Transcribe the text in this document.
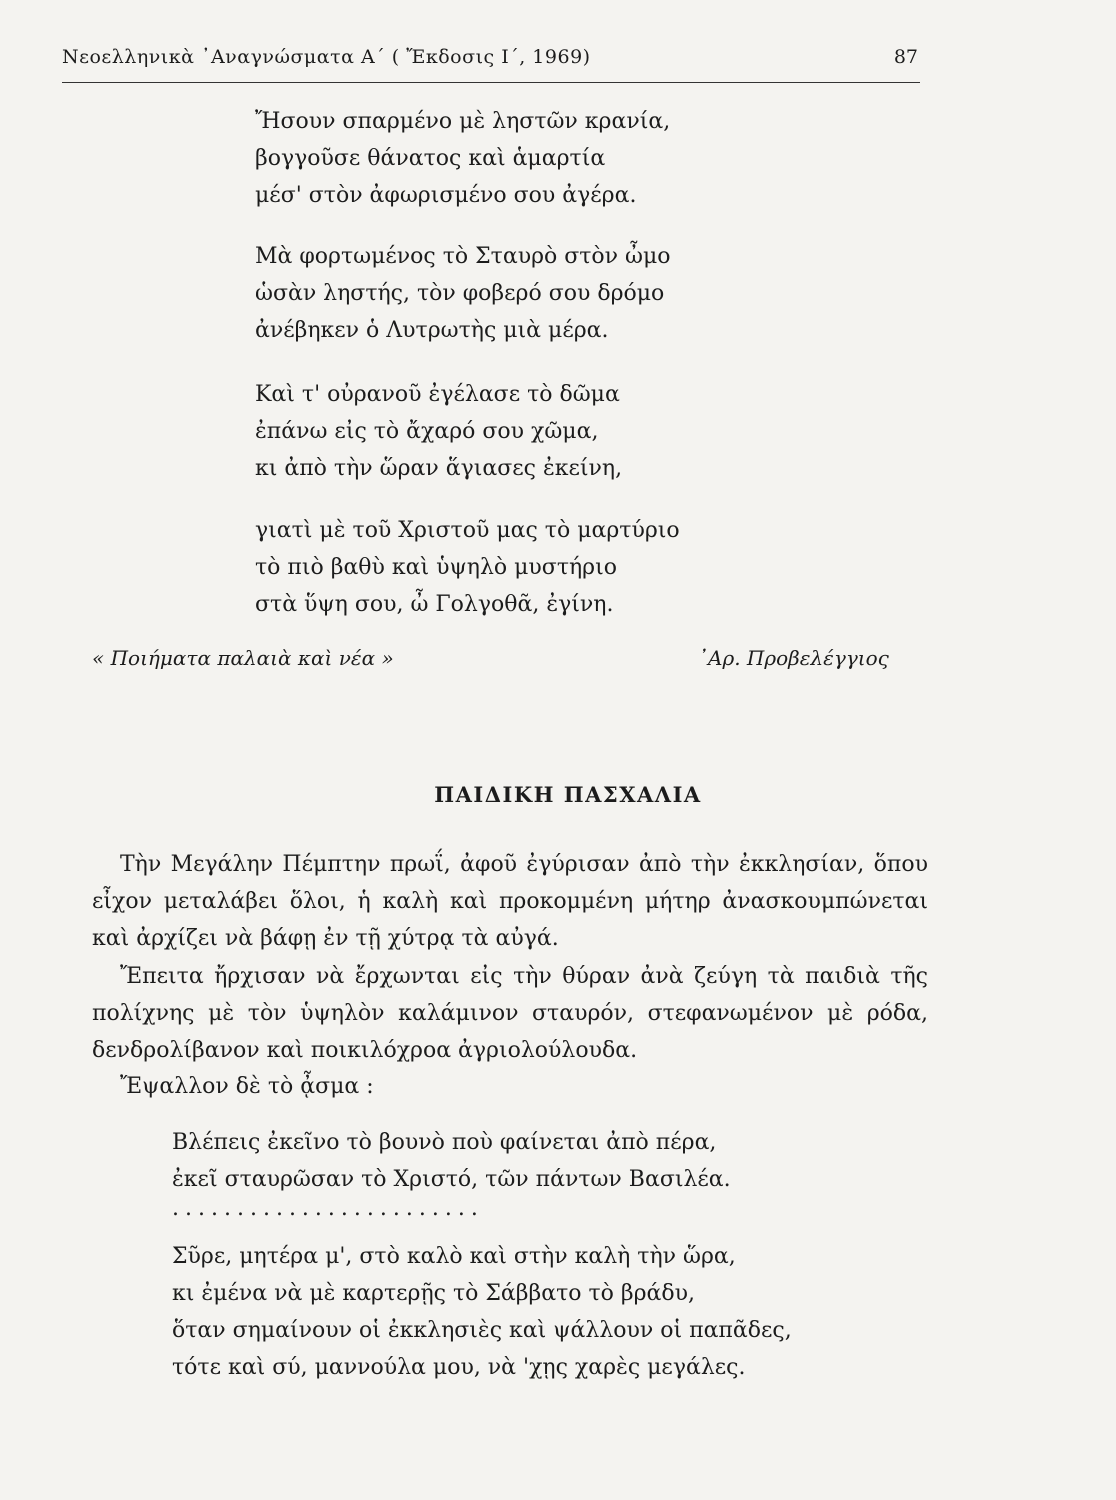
Νεοελληνικὰ ᾿Αναγνώσματα Α΄ ( Ἔκδοσις Ι΄, 1969)	87
Ἤσουν σπαρμένο μὲ ληστῶν κρανία,
βογγοῦσε θάνατος καὶ ἁμαρτία
μέσ' στὸν ἀφωρισμένο σου ἀγέρα.
Μὰ φορτωμένος τὸ Σταυρὸ στὸν ὦμο
ὡσὰν ληστής, τὸν φοβερό σου δρόμο
ἀνέβηκεν ὁ Λυτρωτὴς μιὰ μέρα.
Καὶ τ' οὐρανοῦ ἐγέλασε τὸ δῶμα
ἐπάνω εἰς τὸ ἄχαρό σου χῶμα,
κι ἀπὸ τὴν ὥραν ἅγιασες ἐκείνη,
γιατὶ μὲ τοῦ Χριστοῦ μας τὸ μαρτύριο
τὸ πιὸ βαθὺ καὶ ὑψηλὸ μυστήριο
στὰ ὕψη σου, ὦ Γολγοθᾶ, ἐγίνη.
« Ποιήματα παλαιὰ καὶ νέα »	᾿Αρ. Προβελέγγιος
ΠΑΙΔΙΚΗ ΠΑΣΧΑΛΙΑ

Τὴν Μεγάλην Πέμπτην πρωΐ, ἀφοῦ ἐγύρισαν ἀπὸ τὴν ἐκκλησίαν, ὅπου εἶχον μεταλάβει ὅλοι, ἡ καλὴ καὶ προκομμένη μήτηρ ἀνασκουμπώνεται καὶ ἀρχίζει νὰ βάφῃ ἐν τῇ χύτρᾳ τὰ αὐγά.

Ἔπειτα ἤρχισαν νὰ ἔρχωνται εἰς τὴν θύραν ἀνὰ ζεύγη τὰ παιδιὰ τῆς πολίχνης μὲ τὸν ὑψηλὸν καλάμινον σταυρόν, στεφανωμένον μὲ ρόδα, δενδρολίβανον καὶ ποικιλόχροα ἀγριολούλουδα.

Ἔψαλλον δὲ τὸ ᾆσμα :

Βλέπεις ἐκεῖνο τὸ βουνὸ ποὺ φαίνεται ἀπὸ πέρα,
ἐκεῖ σταυρῶσαν τὸ Χριστό, τῶν πάντων Βασιλέα.
........................
Σῦρε, μητέρα μ', στὸ καλὸ καὶ στὴν καλὴ τὴν ὥρα,
κι ἐμένα νὰ μὲ καρτερῇς τὸ Σάββατο τὸ βράδυ,
ὅταν σημαίνουν οἱ ἐκκλησιὲς καὶ ψάλλουν οἱ παπᾶδες,
τότε καὶ σύ, μαννούλα μου, νὰ 'χῃς χαρὲς μεγάλες.
